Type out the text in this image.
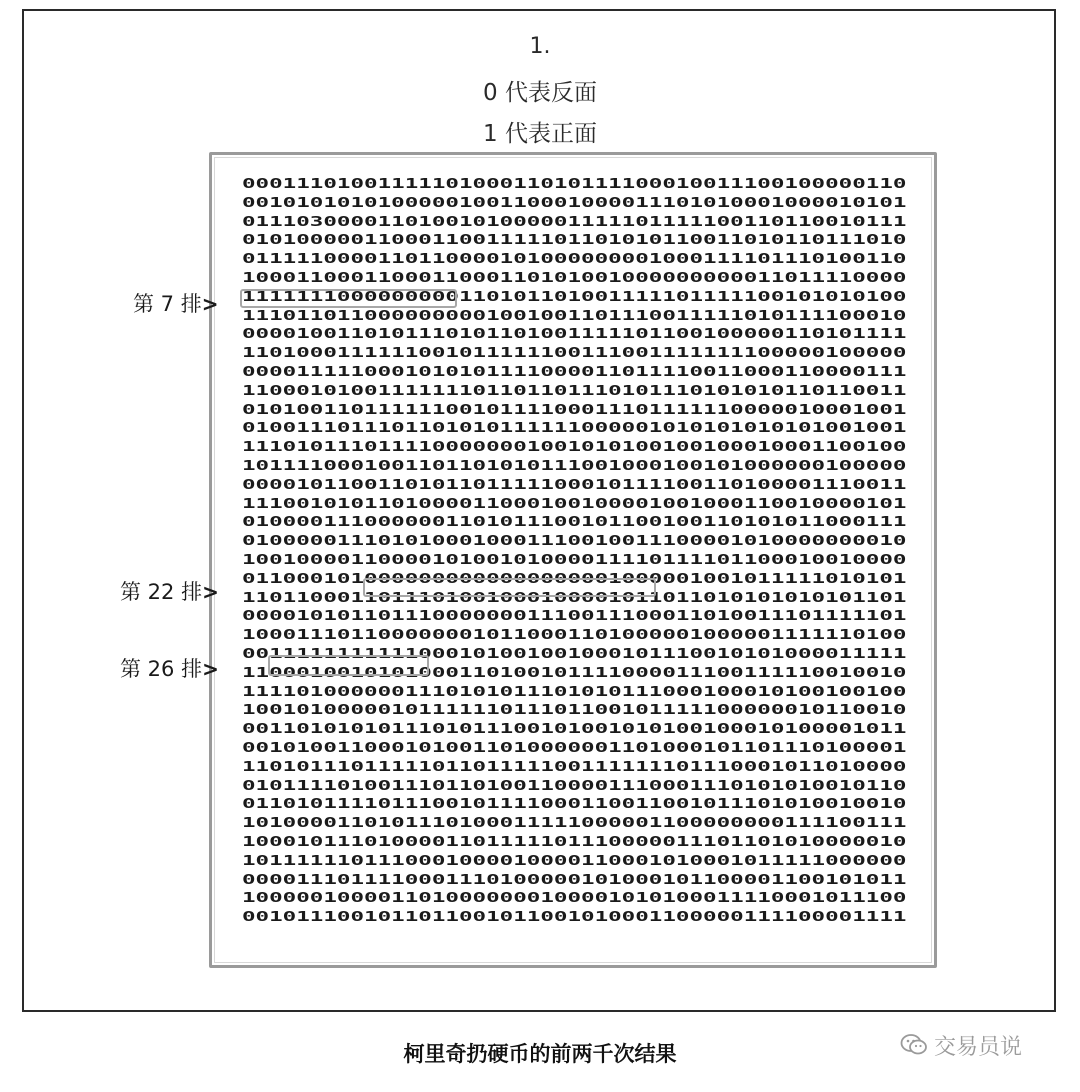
1.
0 代表反面
1 代表正面
0001110100111110100011010111100010011100100000110
0010101010100000100110001000011101010001000010101
0111030000110100101000001111101111100110110010111
0101000001100011001111101101010110011010110111010
0111110000110110000101000000001000111101110100110
1000110001100011000110101001000000000011011110000
1111111000000000110101101001111101111100101010100
1110110110000000001001001101110011111010111100010
0000100110101110101101001111101100100000110101111
1101000111111001011111100111001111111100000100000
0000111110001010101111000011011110011000110000111
1100010100111111101101101110101110101010110110011
0101001101111110010111100011101111110000010001001
0100111011101101010111111000001010101010101001001
1110101110111100000001001010100100100010001100100
1011110001001101101010111001000100101000000100000
0000101100110101101111100010111100110100001110011
1110010101101000011000100100001001000110010000101
0100001110000001101011100101100100110101011000111
0100000111010100010001110010011100001010000000010
1001000011000010100101000011110111101100010010000
0110001010000000000000000001000001001011111010101
1101100011011101001000100001011011010101010101101
0000101011011100000001110011100011010011101111101
1000111011000000010110001101000001000001111110100
0011111111111000101001001000101110010101000011111
1100010010101000110100101111000011100111110010010
1111010000001110101011101010111000100010100100100
1001010000010111111011101100101111100000010110010
0011010101011101011100101001010100100010100001011
0010100110001010011010000001101000101101110100001
1101011101111101101111100111111101110001011010000
0101111010011101101001100001110001110101010010110
0110101111011100101111000110011001011101010010010
1010000110101110100011111000001100000000111100111
1000101110100001101111101110000011101101010000010
1011111101110001000010000110001010001011111000000
0000111011110001110100000101000101100001100101011
1000001000011010000000100001010100011110001011100
0010111001011011001011001010001100000111100001111
第 7 排>
第 22 排>
第 26 排>
柯里奇扔硬币的前两千次结果	交易员说
